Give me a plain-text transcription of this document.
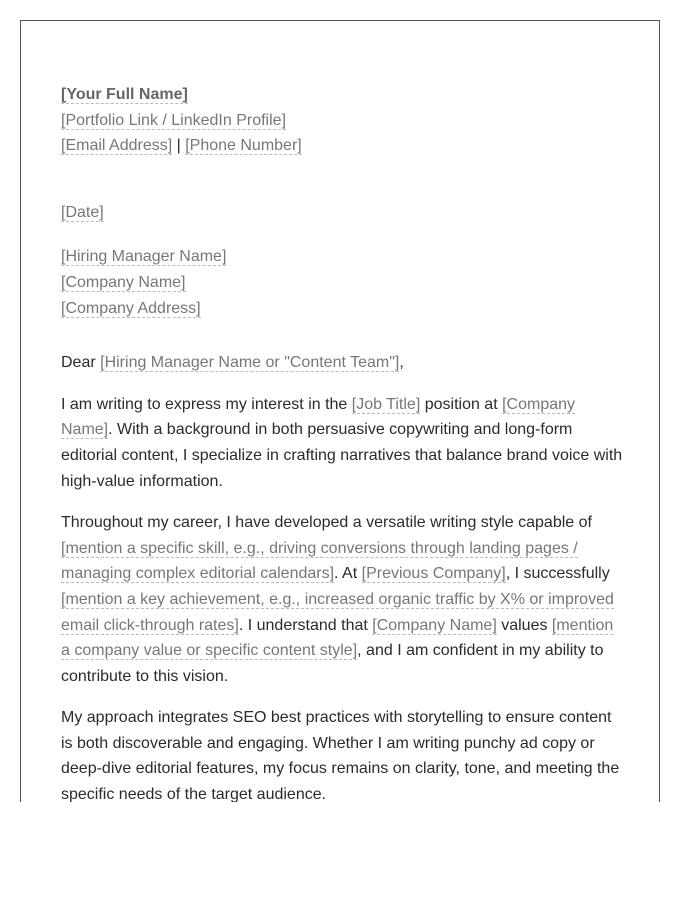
[Your Full Name]
[Portfolio Link / LinkedIn Profile]
[Email Address] | [Phone Number]
[Date]
[Hiring Manager Name]
[Company Name]
[Company Address]

Dear [Hiring Manager Name or "Content Team"],

I am writing to express my interest in the [Job Title] position at [Company Name]. With a background in both persuasive copywriting and long-form editorial content, I specialize in crafting narratives that balance brand voice with high-value information.

Throughout my career, I have developed a versatile writing style capable of [mention a specific skill, e.g., driving conversions through landing pages / managing complex editorial calendars]. At [Previous Company], I successfully [mention a key achievement, e.g., increased organic traffic by X% or improved email click-through rates]. I understand that [Company Name] values [mention a company value or specific content style], and I am confident in my ability to contribute to this vision.

My approach integrates SEO best practices with storytelling to ensure content is both discoverable and engaging. Whether I am writing punchy ad copy or deep-dive editorial features, my focus remains on clarity, tone, and meeting the specific needs of the target audience.
